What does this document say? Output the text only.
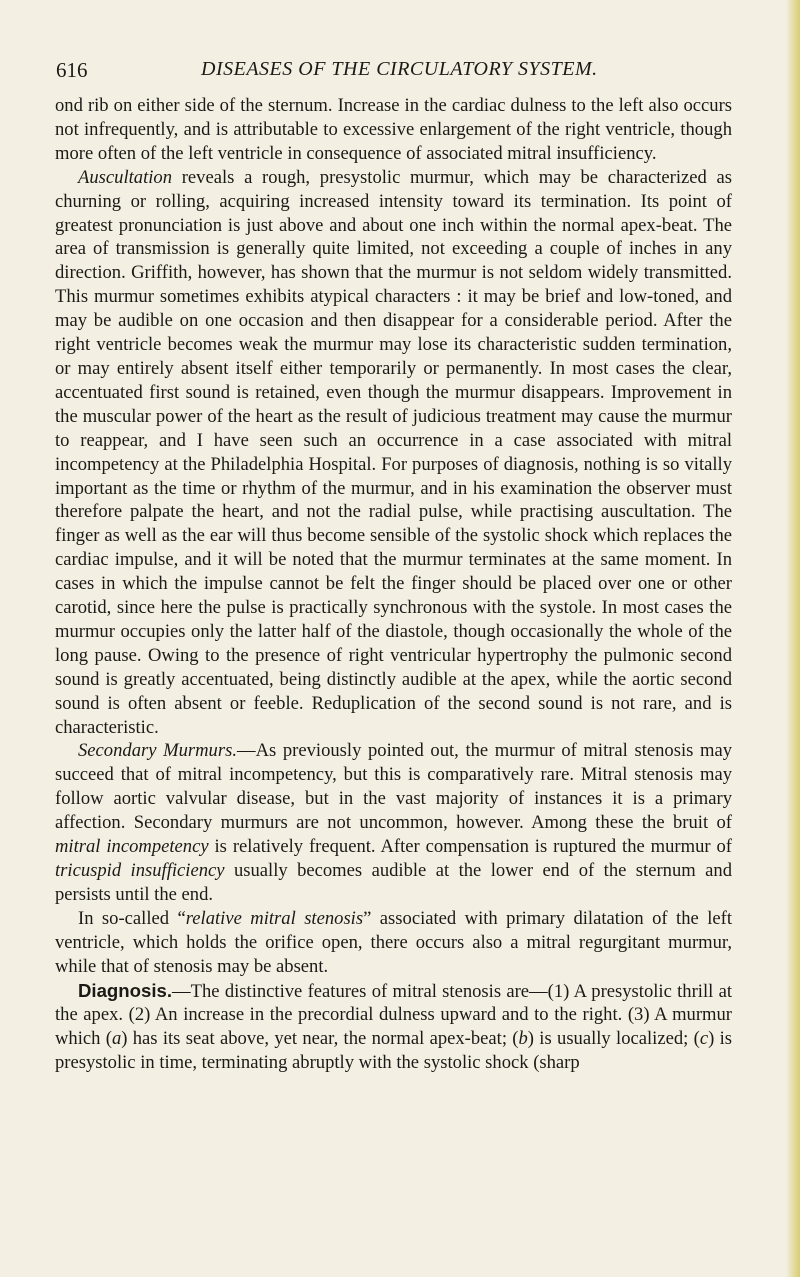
616	DISEASES OF THE CIRCULATORY SYSTEM.

ond rib on either side of the sternum. Increase in the cardiac dulness to the left also occurs not infrequently, and is attributable to excessive enlargement of the right ventricle, though more often of the left ventricle in consequence of associated mitral insufficiency.

Auscultation reveals a rough, presystolic murmur, which may be characterized as churning or rolling, acquiring increased intensity toward its termination. Its point of greatest pronunciation is just above and about one inch within the normal apex-beat. The area of transmission is generally quite limited, not exceeding a couple of inches in any direction. Griffith, however, has shown that the murmur is not seldom widely transmitted. This murmur sometimes exhibits atypical characters : it may be brief and low-toned, and may be audible on one occasion and then disappear for a considerable period. After the right ventricle becomes weak the murmur may lose its characteristic sudden termination, or may entirely absent itself either temporarily or permanently. In most cases the clear, accentuated first sound is retained, even though the murmur disappears. Improvement in the muscular power of the heart as the result of judicious treatment may cause the murmur to reappear, and I have seen such an occurrence in a case associated with mitral incompetency at the Philadelphia Hospital. For purposes of diagnosis, nothing is so vitally important as the time or rhythm of the murmur, and in his examination the observer must therefore palpate the heart, and not the radial pulse, while practising auscultation. The finger as well as the ear will thus become sensible of the systolic shock which replaces the cardiac impulse, and it will be noted that the murmur terminates at the same moment. In cases in which the impulse cannot be felt the finger should be placed over one or other carotid, since here the pulse is practically synchronous with the systole. In most cases the murmur occupies only the latter half of the diastole, though occasionally the whole of the long pause. Owing to the presence of right ventricular hypertrophy the pulmonic second sound is greatly accentuated, being distinctly audible at the apex, while the aortic second sound is often absent or feeble. Reduplication of the second sound is not rare, and is characteristic.

Secondary Murmurs.—As previously pointed out, the murmur of mitral stenosis may succeed that of mitral incompetency, but this is comparatively rare. Mitral stenosis may follow aortic valvular disease, but in the vast majority of instances it is a primary affection. Secondary murmurs are not uncommon, however. Among these the bruit of mitral incompetency is relatively frequent. After compensation is ruptured the murmur of tricuspid insufficiency usually becomes audible at the lower end of the sternum and persists until the end.

In so-called “relative mitral stenosis” associated with primary dilatation of the left ventricle, which holds the orifice open, there occurs also a mitral regurgitant murmur, while that of stenosis may be absent.

Diagnosis.—The distinctive features of mitral stenosis are—(1) A presystolic thrill at the apex. (2) An increase in the precordial dulness upward and to the right. (3) A murmur which (a) has its seat above, yet near, the normal apex-beat; (b) is usually localized; (c) is presystolic in time, terminating abruptly with the systolic shock (sharp
